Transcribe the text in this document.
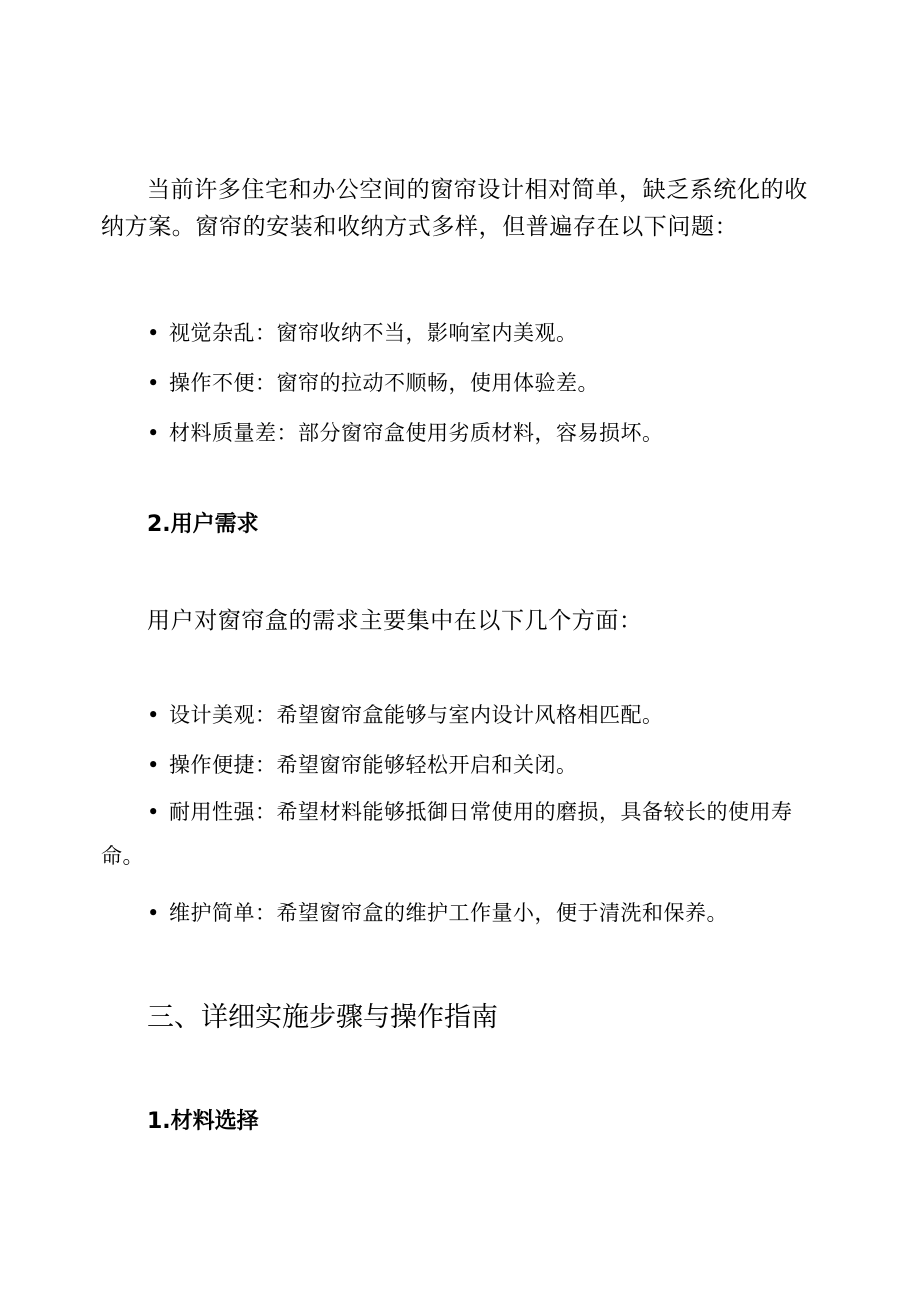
当前许多住宅和办公空间的窗帘设计相对简单，缺乏系统化的收纳方案。窗帘的安装和收纳方式多样，但普遍存在以下问题：

• 视觉杂乱：窗帘收纳不当，影响室内美观。

• 操作不便：窗帘的拉动不顺畅，使用体验差。

• 材料质量差：部分窗帘盒使用劣质材料，容易损坏。

2.用户需求

用户对窗帘盒的需求主要集中在以下几个方面：

• 设计美观：希望窗帘盒能够与室内设计风格相匹配。

• 操作便捷：希望窗帘能够轻松开启和关闭。

• 耐用性强：希望材料能够抵御日常使用的磨损，具备较长的使用寿命。

• 维护简单：希望窗帘盒的维护工作量小，便于清洗和保养。

三、详细实施步骤与操作指南

1.材料选择
